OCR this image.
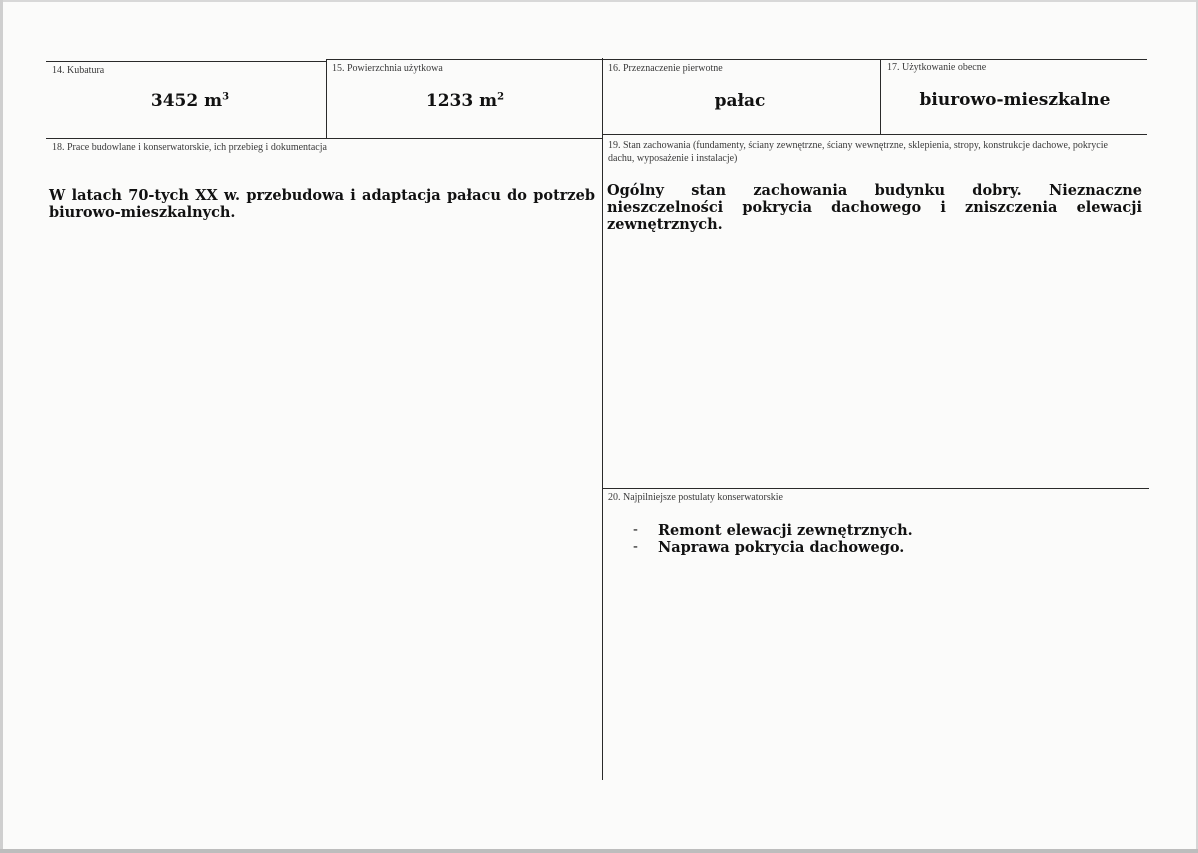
14. Kubatura
3452 $m^3$
15. Powierzchnia użytkowa
1233 $m^2$
16. Przeznaczenie pierwotne
pałac
17. Użytkowanie obecne
biurowo-mieszkalne
18. Prace budowlane i konserwatorskie, ich przebieg i dokumentacja
W latach 70-tych XX w. przebudowa i adaptacja pałacu do potrzeb biurowo-mieszkalnych.
19. Stan zachowania (fundamenty, ściany zewnętrzne, ściany wewnętrzne, sklepienia, stropy, konstrukcje dachowe, pokrycie dachu, wyposażenie i instalacje)
Ogólny stan zachowania budynku dobry. Nieznaczne nieszczelności pokrycia dachowego i zniszczenia elewacji zewnętrznych.
20. Najpilniejsze postulaty konserwatorskie
-	Remont elewacji zewnętrznych.
-	Naprawa pokrycia dachowego.
